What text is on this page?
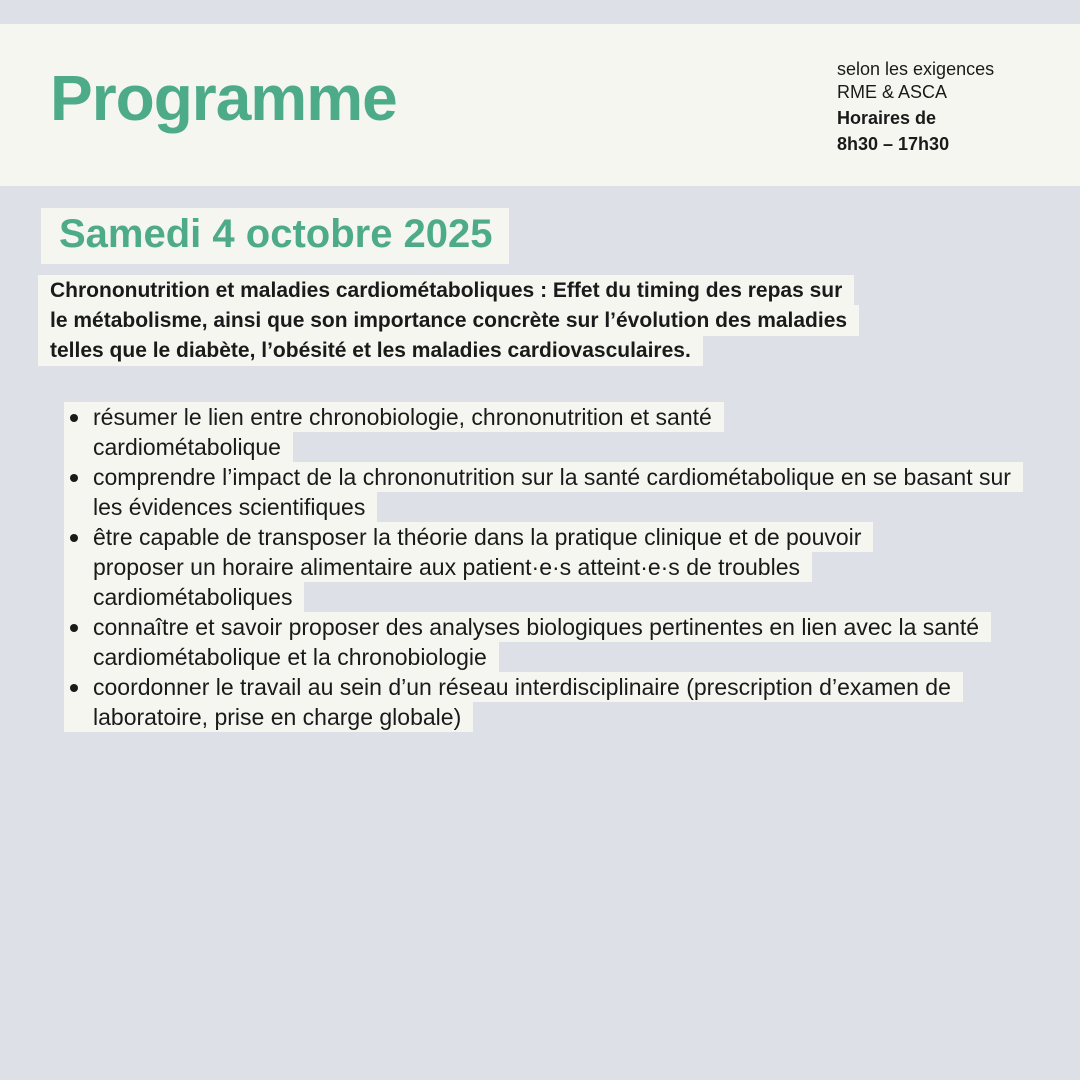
Programme	selon les exigences
RME & ASCA
Horaires de
8h30 – 17h30
Samedi 4 octobre 2025
Chrononutrition et maladies cardiométaboliques : Effet du timing des repas sur
le métabolisme, ainsi que son importance concrète sur l’évolution des maladies
telles que le diabète, l’obésité et les maladies cardiovasculaires.
résumer le lien entre chronobiologie, chrononutrition et santé cardiométabolique
comprendre l’impact de la chrononutrition sur la santé cardiométabolique en se basant sur les évidences scientifiques
être capable de transposer la théorie dans la pratique clinique et de pouvoir proposer un horaire alimentaire aux patient·e·s atteint·e·s de troubles cardiométaboliques
connaître et savoir proposer des analyses biologiques pertinentes en lien avec la santé cardiométabolique et la chronobiologie
coordonner le travail au sein d’un réseau interdisciplinaire (prescription d’examen de laboratoire, prise en charge globale)
